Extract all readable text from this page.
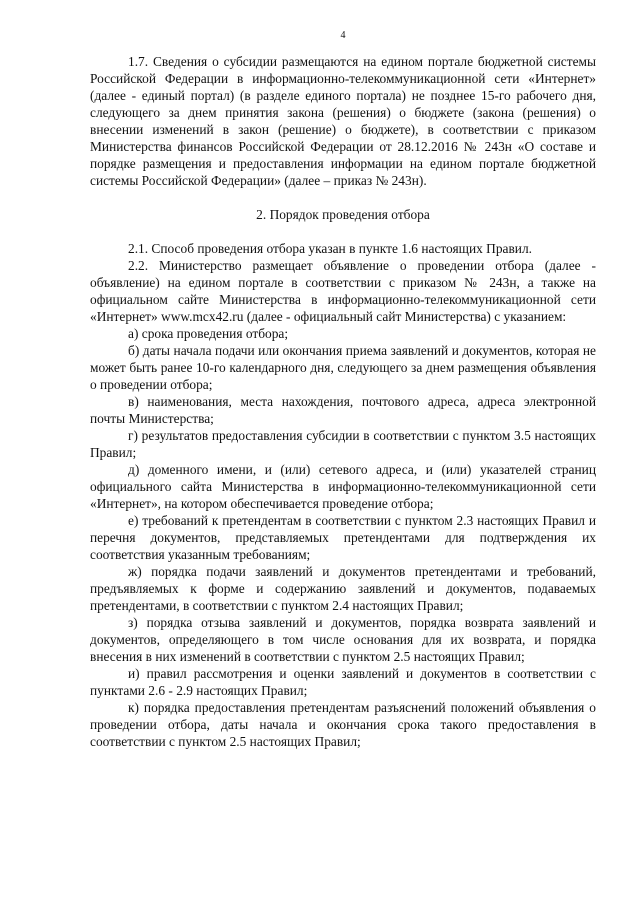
4

1.7. Сведения о субсидии размещаются на едином портале бюджетной системы Российской Федерации в информационно-телекоммуникационной сети «Интернет» (далее - единый портал) (в разделе единого портала) не позднее 15-го рабочего дня, следующего за днем принятия закона (решения) о бюджете (закона (решения) о внесении изменений в закон (решение) о бюджете), в соответствии с приказом Министерства финансов Российской Федерации от 28.12.2016 № 243н «О составе и порядке размещения и предоставления информации на едином портале бюджетной системы Российской Федерации» (далее – приказ № 243н).

2. Порядок проведения отбора

2.1. Способ проведения отбора указан в пункте 1.6 настоящих Правил.

2.2. Министерство размещает объявление о проведении отбора (далее - объявление) на едином портале в соответствии с приказом № 243н, а также на официальном сайте Министерства в информационно-телекоммуникационной сети «Интернет» www.mcx42.ru (далее - официальный сайт Министерства) с указанием:

а) срока проведения отбора;

б) даты начала подачи или окончания приема заявлений и документов, которая не может быть ранее 10-го календарного дня, следующего за днем размещения объявления о проведении отбора;

в) наименования, места нахождения, почтового адреса, адреса электронной почты Министерства;

г) результатов предоставления субсидии в соответствии с пунктом 3.5 настоящих Правил;

д) доменного имени, и (или) сетевого адреса, и (или) указателей страниц официального сайта Министерства в информационно-телекоммуникационной сети «Интернет», на котором обеспечивается проведение отбора;

е) требований к претендентам в соответствии с пунктом 2.3 настоящих Правил и перечня документов, представляемых претендентами для подтверждения их соответствия указанным требованиям;

ж) порядка подачи заявлений и документов претендентами и требований, предъявляемых к форме и содержанию заявлений и документов, подаваемых претендентами, в соответствии с пунктом 2.4 настоящих Правил;

з) порядка отзыва заявлений и документов, порядка возврата заявлений и документов, определяющего в том числе основания для их возврата, и порядка внесения в них изменений в соответствии с пунктом 2.5 настоящих Правил;

и) правил рассмотрения и оценки заявлений и документов в соответствии с пунктами 2.6 - 2.9 настоящих Правил;

к) порядка предоставления претендентам разъяснений положений объявления о проведении отбора, даты начала и окончания срока такого предоставления в соответствии с пунктом 2.5 настоящих Правил;
